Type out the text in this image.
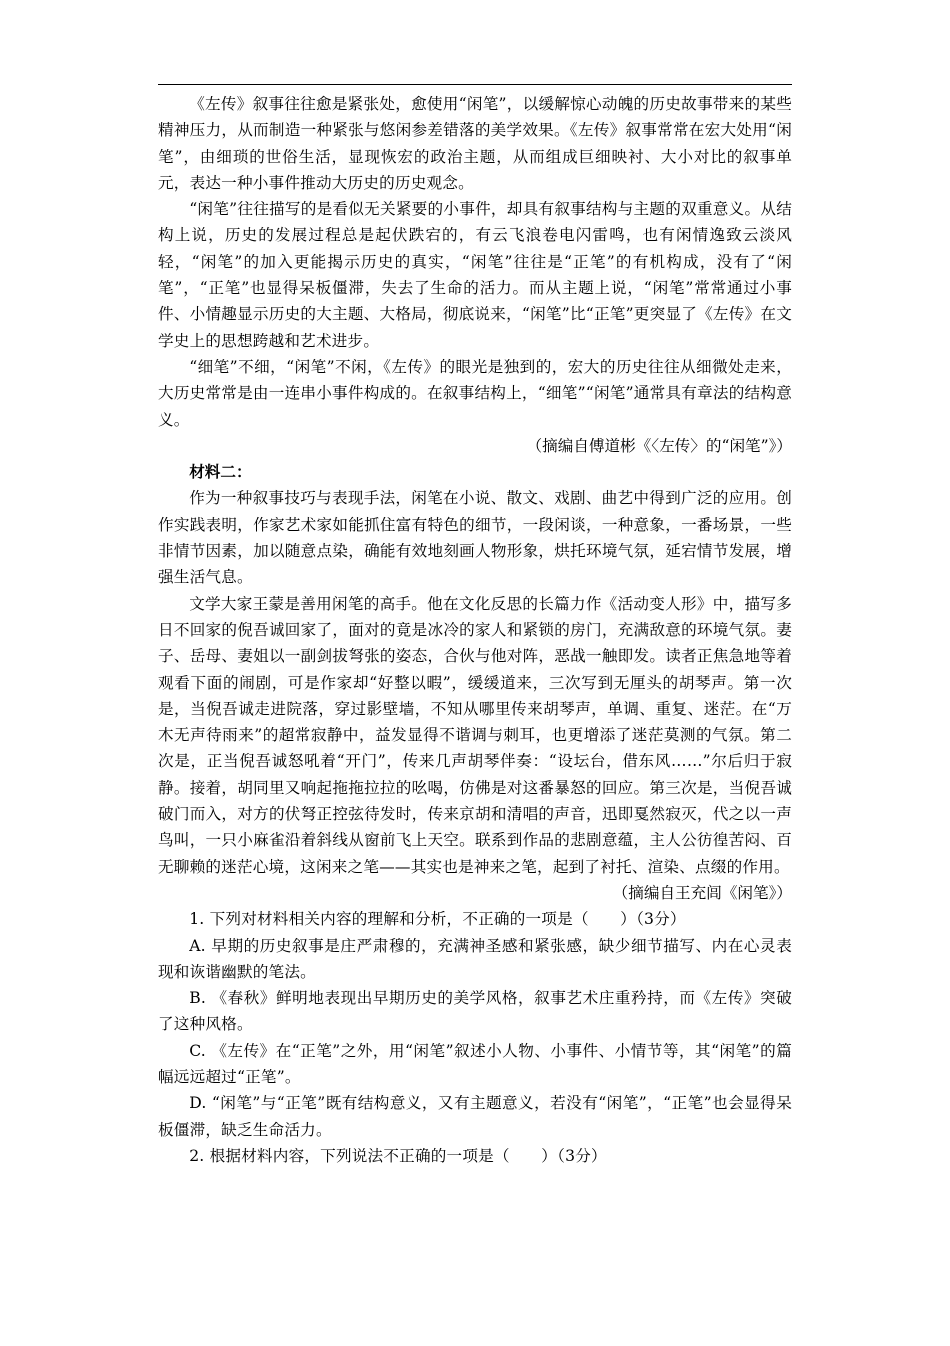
《左传》叙事往往愈是紧张处，愈使用“闲笔”，以缓解惊心动魄的历史故事带来的某些精神压力，从而制造一种紧张与悠闲参差错落的美学效果。《左传》叙事常常在宏大处用“闲笔”，由细琐的世俗生活，显现恢宏的政治主题，从而组成巨细映衬、大小对比的叙事单元，表达一种小事件推动大历史的历史观念。

“闲笔”往往描写的是看似无关紧要的小事件，却具有叙事结构与主题的双重意义。从结构上说，历史的发展过程总是起伏跌宕的，有云飞浪卷电闪雷鸣，也有闲情逸致云淡风轻，“闲笔”的加入更能揭示历史的真实，“闲笔”往往是“正笔”的有机构成，没有了“闲笔”，“正笔”也显得呆板僵滞，失去了生命的活力。而从主题上说，“闲笔”常常通过小事件、小情趣显示历史的大主题、大格局，彻底说来，“闲笔”比“正笔”更突显了《左传》在文学史上的思想跨越和艺术进步。

“细笔”不细，“闲笔”不闲，《左传》的眼光是独到的，宏大的历史往往从细微处走来，大历史常常是由一连串小事件构成的。在叙事结构上，“细笔”“闲笔”通常具有章法的结构意义。

（摘编自傅道彬《〈左传〉的“闲笔”》）

材料二：

作为一种叙事技巧与表现手法，闲笔在小说、散文、戏剧、曲艺中得到广泛的应用。创作实践表明，作家艺术家如能抓住富有特色的细节，一段闲谈，一种意象，一番场景，一些非情节因素，加以随意点染，确能有效地刻画人物形象，烘托环境气氛，延宕情节发展，增强生活气息。

文学大家王蒙是善用闲笔的高手。他在文化反思的长篇力作《活动变人形》中，描写多日不回家的倪吾诚回家了，面对的竟是冰冷的家人和紧锁的房门，充满敌意的环境气氛。妻子、岳母、妻姐以一副剑拔弩张的姿态，合伙与他对阵，恶战一触即发。读者正焦急地等着观看下面的闹剧，可是作家却“好整以暇”，缓缓道来，三次写到无厘头的胡琴声。第一次是，当倪吾诚走进院落，穿过影壁墙，不知从哪里传来胡琴声，单调、重复、迷茫。在“万木无声待雨来”的超常寂静中，益发显得不谐调与刺耳，也更增添了迷茫莫测的气氛。第二次是，正当倪吾诚怒吼着“开门”，传来几声胡琴伴奏：“设坛台，借东风……”尔后归于寂静。接着，胡同里又响起拖拖拉拉的吆喝，仿佛是对这番暴怒的回应。第三次是，当倪吾诚破门而入，对方的伏弩正控弦待发时，传来京胡和清唱的声音，迅即戛然寂灭，代之以一声鸟叫，一只小麻雀沿着斜线从窗前飞上天空。联系到作品的悲剧意蕴，主人公彷徨苦闷、百无聊赖的迷茫心境，这闲来之笔——其实也是神来之笔，起到了衬托、渲染、点缀的作用。

（摘编自王充闾《闲笔》）

1. 下列对材料相关内容的理解和分析，不正确的一项是（　　）（3分）

A. 早期的历史叙事是庄严肃穆的，充满神圣感和紧张感，缺少细节描写、内在心灵表现和诙谐幽默的笔法。

B. 《春秋》鲜明地表现出早期历史的美学风格，叙事艺术庄重矜持，而《左传》突破了这种风格。

C. 《左传》在“正笔”之外，用“闲笔”叙述小人物、小事件、小情节等，其“闲笔”的篇幅远远超过“正笔”。

D. “闲笔”与“正笔”既有结构意义，又有主题意义，若没有“闲笔”，“正笔”也会显得呆板僵滞，缺乏生命活力。

2. 根据材料内容，下列说法不正确的一项是（　　）（3分）
